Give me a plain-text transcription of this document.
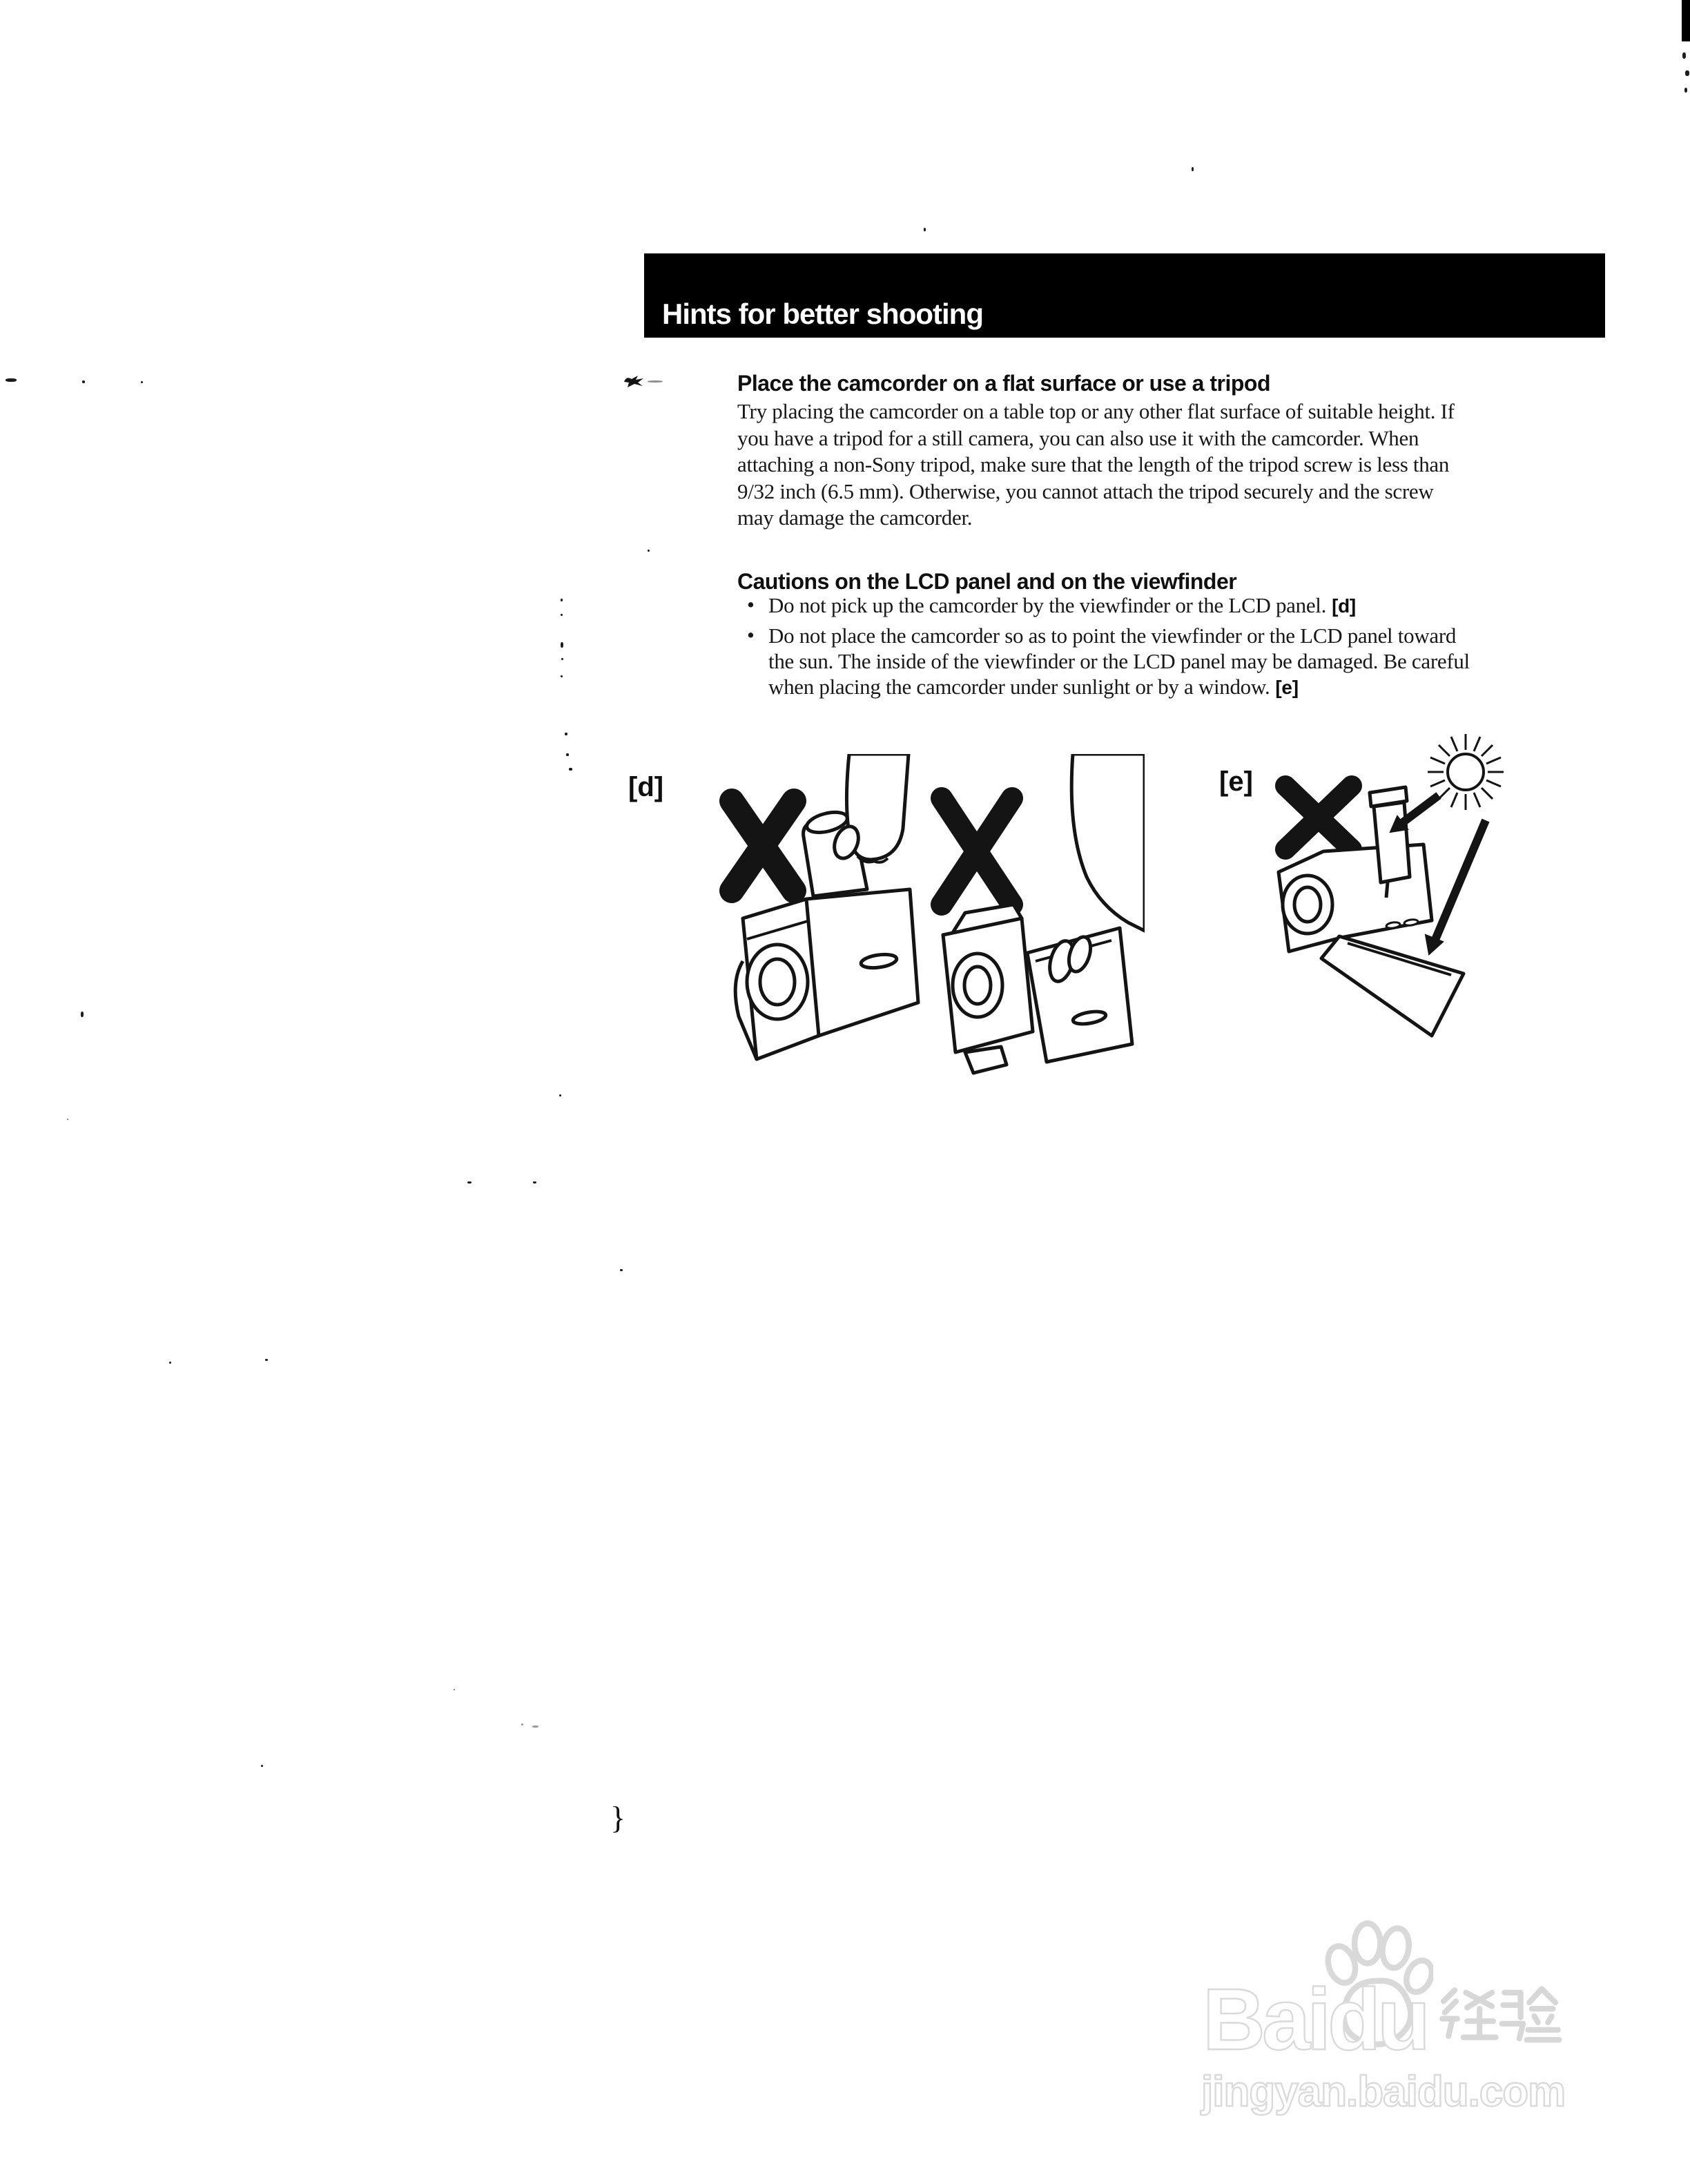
Hints for better shooting
Place the camcorder on a flat surface or use a tripod
Try placing the camcorder on a table top or any other flat surface of suitable height. If
you have a tripod for a still camera, you can also use it with the camcorder. When
attaching a non-Sony tripod, make sure that the length of the tripod screw is less than
9/32 inch (6.5 mm). Otherwise, you cannot attach the tripod securely and the screw
may damage the camcorder.
Cautions on the LCD panel and on the viewfinder
• Do not pick up the camcorder by the viewfinder or the LCD panel. [d]
• Do not place the camcorder so as to point the viewfinder or the LCD panel toward
the sun. The inside of the viewfinder or the LCD panel may be damaged. Be careful
when placing the camcorder under sunlight or by a window. [e]
[d]	[e]
}
Baidu
jingyan.baidu.com
